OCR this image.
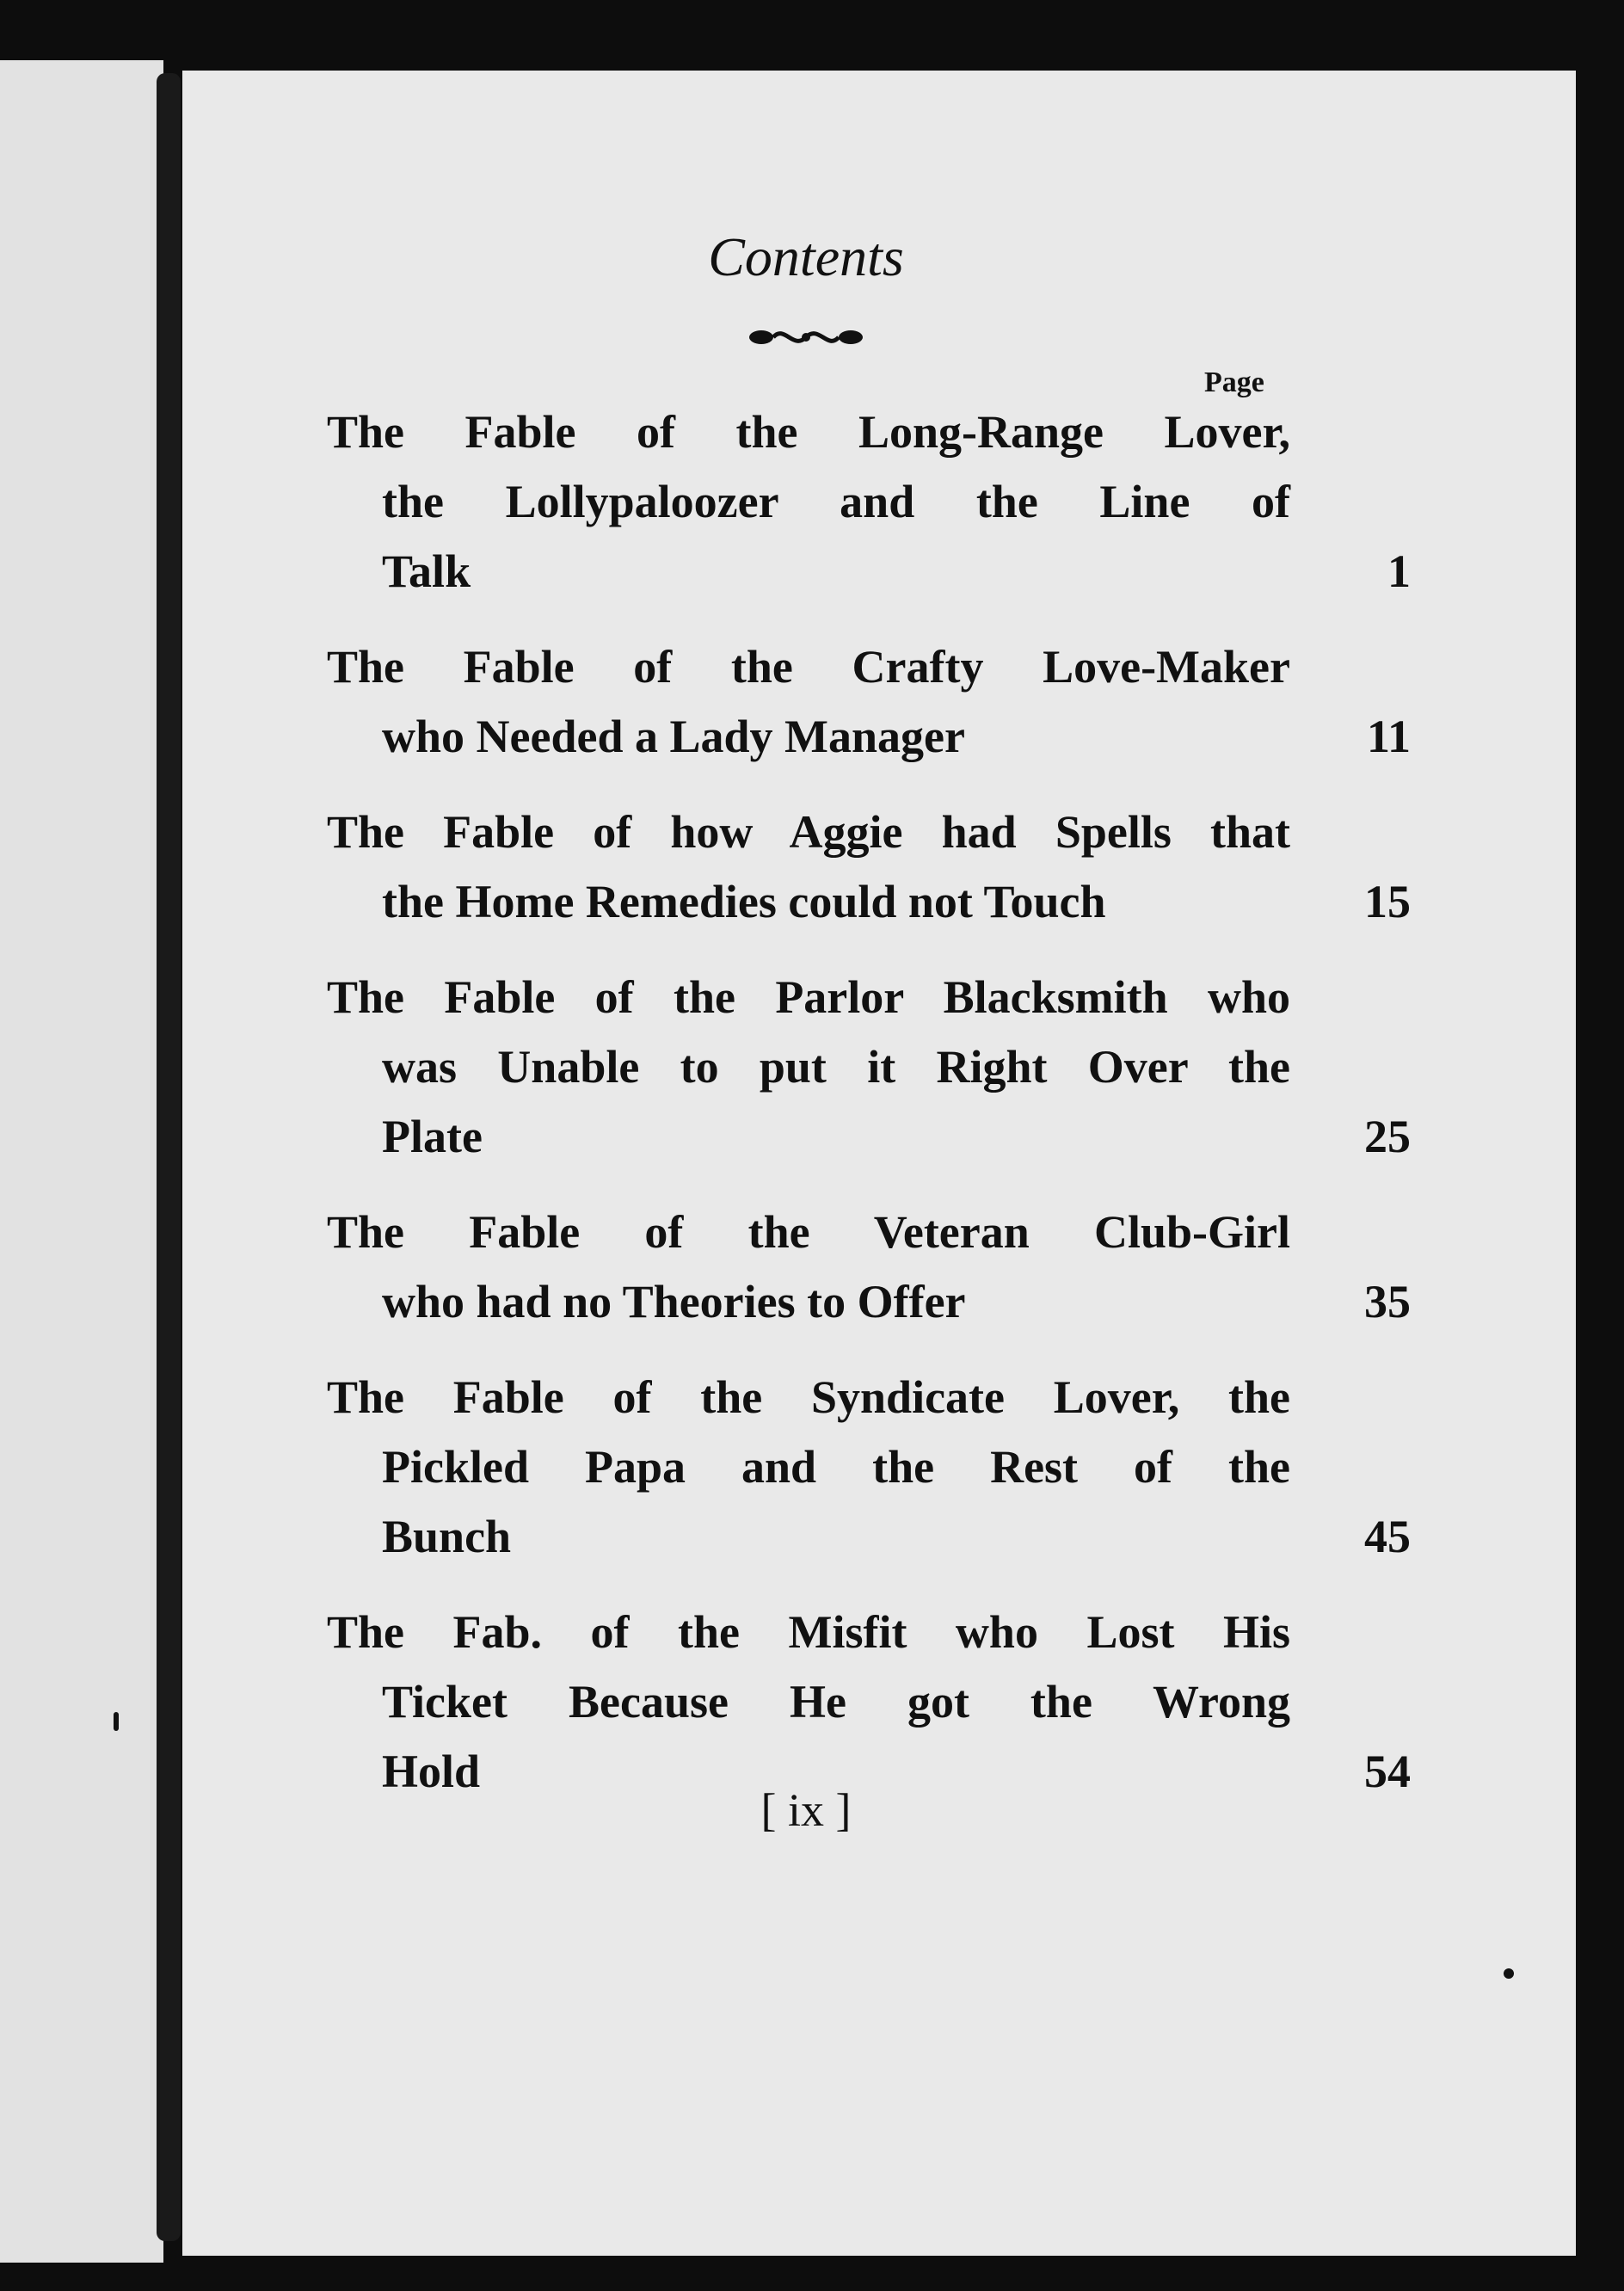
Contents
Page
The Fable of the Long-Range Lover,
the Lollypaloozer and the Line of
Talk	1
The Fable of the Crafty Love-Maker
who Needed a Lady Manager	11
The Fable of how Aggie had Spells that
the Home Remedies could not Touch	15
The Fable of the Parlor Blacksmith who
was Unable to put it Right Over the
Plate	25
The Fable of the Veteran Club-Girl
who had no Theories to Offer	35
The Fable of the Syndicate Lover, the
Pickled Papa and the Rest of the
Bunch	45
The Fab. of the Misfit who Lost His
Ticket Because He got the Wrong
Hold	54
[ ix ]
